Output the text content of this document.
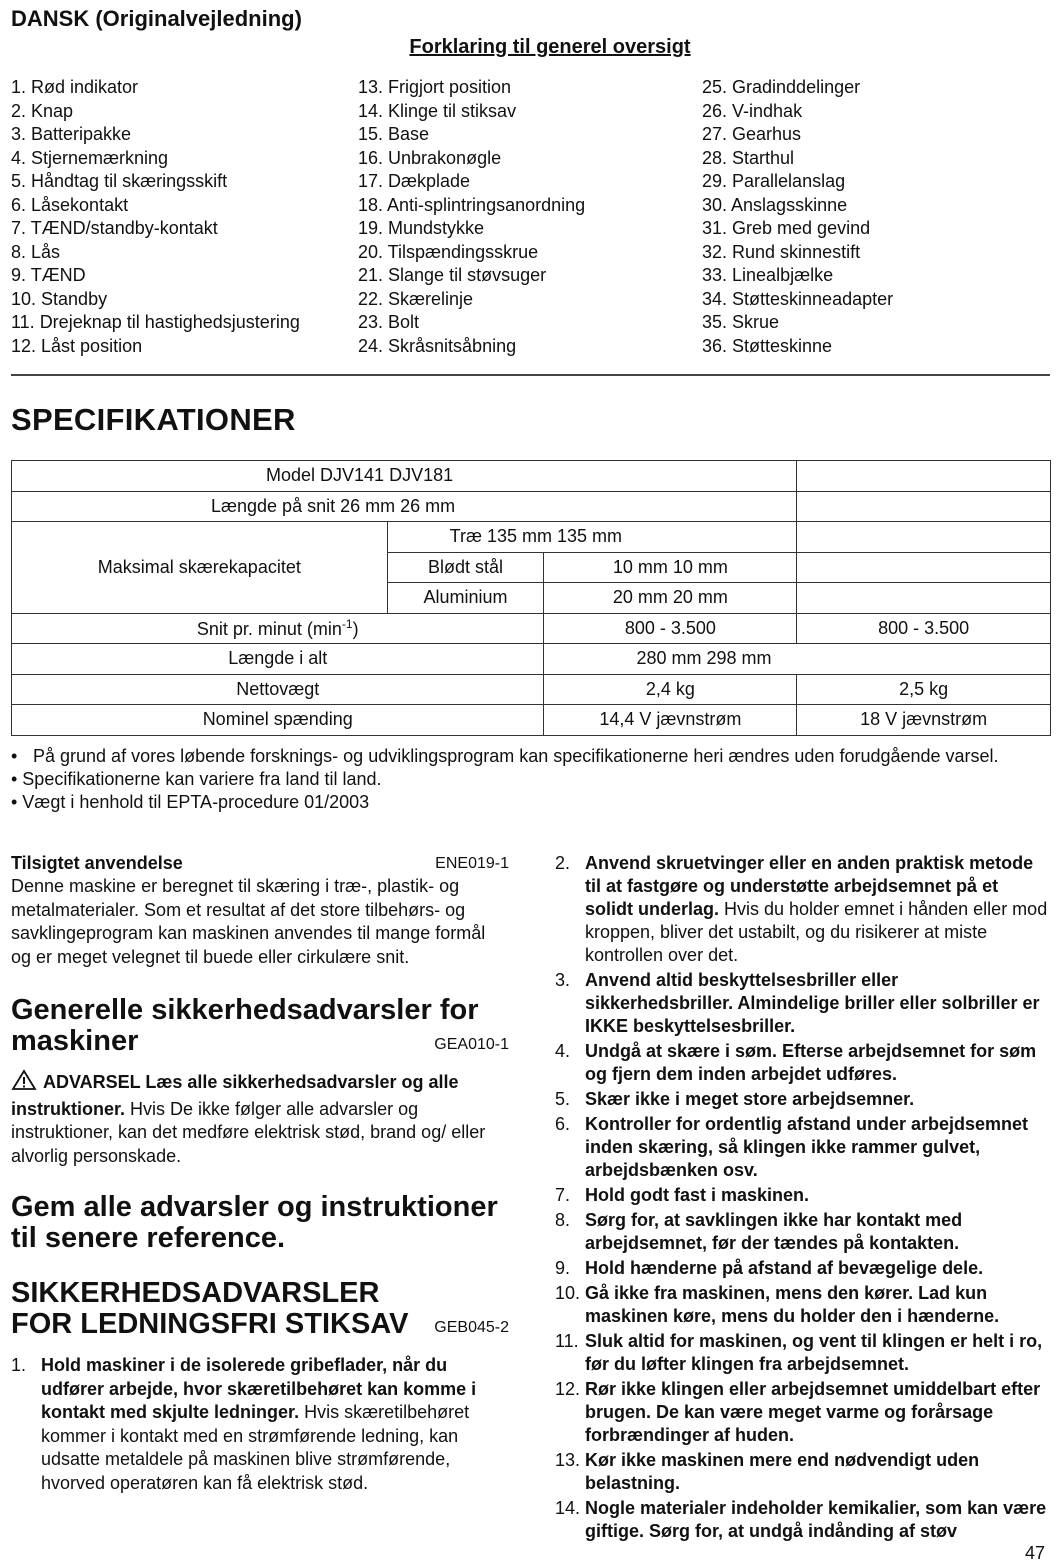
DANSK (Originalvejledning)
Forklaring til generel oversigt
1. Rød indikator
2. Knap
3. Batteripakke
4. Stjernemærkning
5. Håndtag til skæringsskift
6. Låsekontakt
7. TÆND/standby-kontakt
8. Lås
9. TÆND
10. Standby
11. Drejeknap til hastighedsjustering
12. Låst position
13. Frigjort position
14. Klinge til stiksav
15. Base
16. Unbrakonøgle
17. Dækplade
18. Anti-splintringsanordning
19. Mundstykke
20. Tilspændingsskrue
21. Slange til støvsuger
22. Skærelinje
23. Bolt
24. Skråsnitsåbning
25. Gradinddelinger
26. V-indhak
27. Gearhus
28. Starthul
29. Parallelanslag
30. Anslagsskinne
31. Greb med gevind
32. Rund skinnestift
33. Linealbjælke
34. Støtteskinneadapter
35. Skrue
36. Støtteskinne
SPECIFIKATIONER
Model DJV141 DJV181			
Længde på snit 26 mm 26 mm			
Maksimal skærekapacitet	Træ 135 mm 135 mm		
	Blødt stål	10 mm 10 mm	
	Aluminium	20 mm 20 mm	
Snit pr. minut $(\min^{-1})$		800 - 3.500	800 - 3.500
Længde i alt		280 mm 298 mm	
Nettovægt		2,4 kg	2,5 kg
Nominel spænding		14,4 V jævnstrøm	18 V jævnstrøm
• På grund af vores løbende forsknings- og udviklingsprogram kan specifikationerne heri ændres uden forudgående varsel.
• Specifikationerne kan variere fra land til land.
• Vægt i henhold til EPTA-procedure 01/2003
Tilsigtet anvendelse	ENE019-1
Denne maskine er beregnet til skæring i træ-, plastik- og metalmaterialer. Som et resultat af det store tilbehørs- og savklingeprogram kan maskinen anvendes til mange formål og er meget velegnet til buede eller cirkulære snit.
Generelle sikkerhedsadvarsler for maskiner	GEA010-1
ADVARSEL Læs alle sikkerhedsadvarsler og alle instruktioner. Hvis De ikke følger alle advarsler og instruktioner, kan det medføre elektrisk stød, brand og/ eller alvorlig personskade.
Gem alle advarsler og instruktioner til senere reference.
SIKKERHEDSADVARSLER FOR LEDNINGSFRI STIKSAV	GEB045-2
1. Hold maskiner i de isolerede gribeflader, når du udfører arbejde, hvor skæretilbehøret kan komme i kontakt med skjulte ledninger. Hvis skæretilbehøret kommer i kontakt med en strømførende ledning, kan udsatte metaldele på maskinen blive strømførende, hvorved operatøren kan få elektrisk stød.
2. Anvend skruetvinger eller en anden praktisk metode til at fastgøre og understøtte arbejdsemnet på et solidt underlag. Hvis du holder emnet i hånden eller mod kroppen, bliver det ustabilt, og du risikerer at miste kontrollen over det.
3. Anvend altid beskyttelsesbriller eller sikkerhedsbriller. Almindelige briller eller solbriller er IKKE beskyttelsesbriller.
4. Undgå at skære i søm. Efterse arbejdsemnet for søm og fjern dem inden arbejdet udføres.
5. Skær ikke i meget store arbejdsemner.
6. Kontroller for ordentlig afstand under arbejdsemnet inden skæring, så klingen ikke rammer gulvet, arbejdsbænken osv.
7. Hold godt fast i maskinen.
8. Sørg for, at savklingen ikke har kontakt med arbejdsemnet, før der tændes på kontakten.
9. Hold hænderne på afstand af bevægelige dele.
10. Gå ikke fra maskinen, mens den kører. Lad kun maskinen køre, mens du holder den i hænderne.
11. Sluk altid for maskinen, og vent til klingen er helt i ro, før du løfter klingen fra arbejdsemnet.
12. Rør ikke klingen eller arbejdsemnet umiddelbart efter brugen. De kan være meget varme og forårsage forbrændinger af huden.
13. Kør ikke maskinen mere end nødvendigt uden belastning.
14. Nogle materialer indeholder kemikalier, som kan være giftige. Sørg for, at undgå indånding af støv
47
